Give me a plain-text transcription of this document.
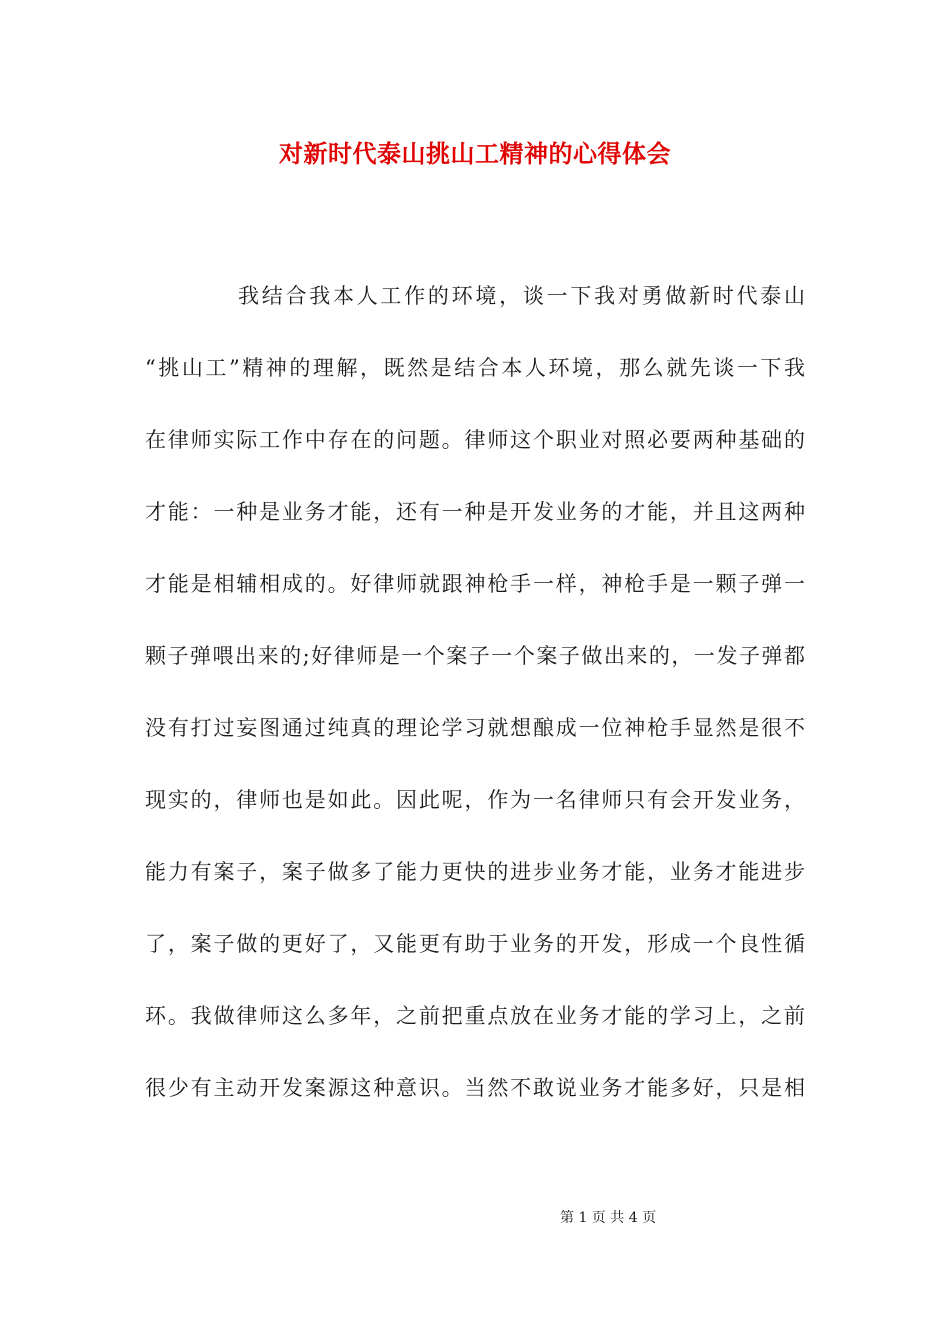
对新时代泰山挑山工精神的心得体会
我结合我本人工作的环境，谈一下我对勇做新时代泰山
“挑山工”精神的理解，既然是结合本人环境，那么就先谈一下我
在律师实际工作中存在的问题。律师这个职业对照必要两种基础的
才能：一种是业务才能，还有一种是开发业务的才能，并且这两种
才能是相辅相成的。好律师就跟神枪手一样，神枪手是一颗子弹一
颗子弹喂出来的;好律师是一个案子一个案子做出来的，一发子弹都
没有打过妄图通过纯真的理论学习就想酿成一位神枪手显然是很不
现实的，律师也是如此。因此呢，作为一名律师只有会开发业务，
能力有案子，案子做多了能力更快的进步业务才能，业务才能进步
了，案子做的更好了，又能更有助于业务的开发，形成一个良性循
环。我做律师这么多年，之前把重点放在业务才能的学习上，之前
很少有主动开发案源这种意识。当然不敢说业务才能多好，只是相
第 1 页 共 4 页
